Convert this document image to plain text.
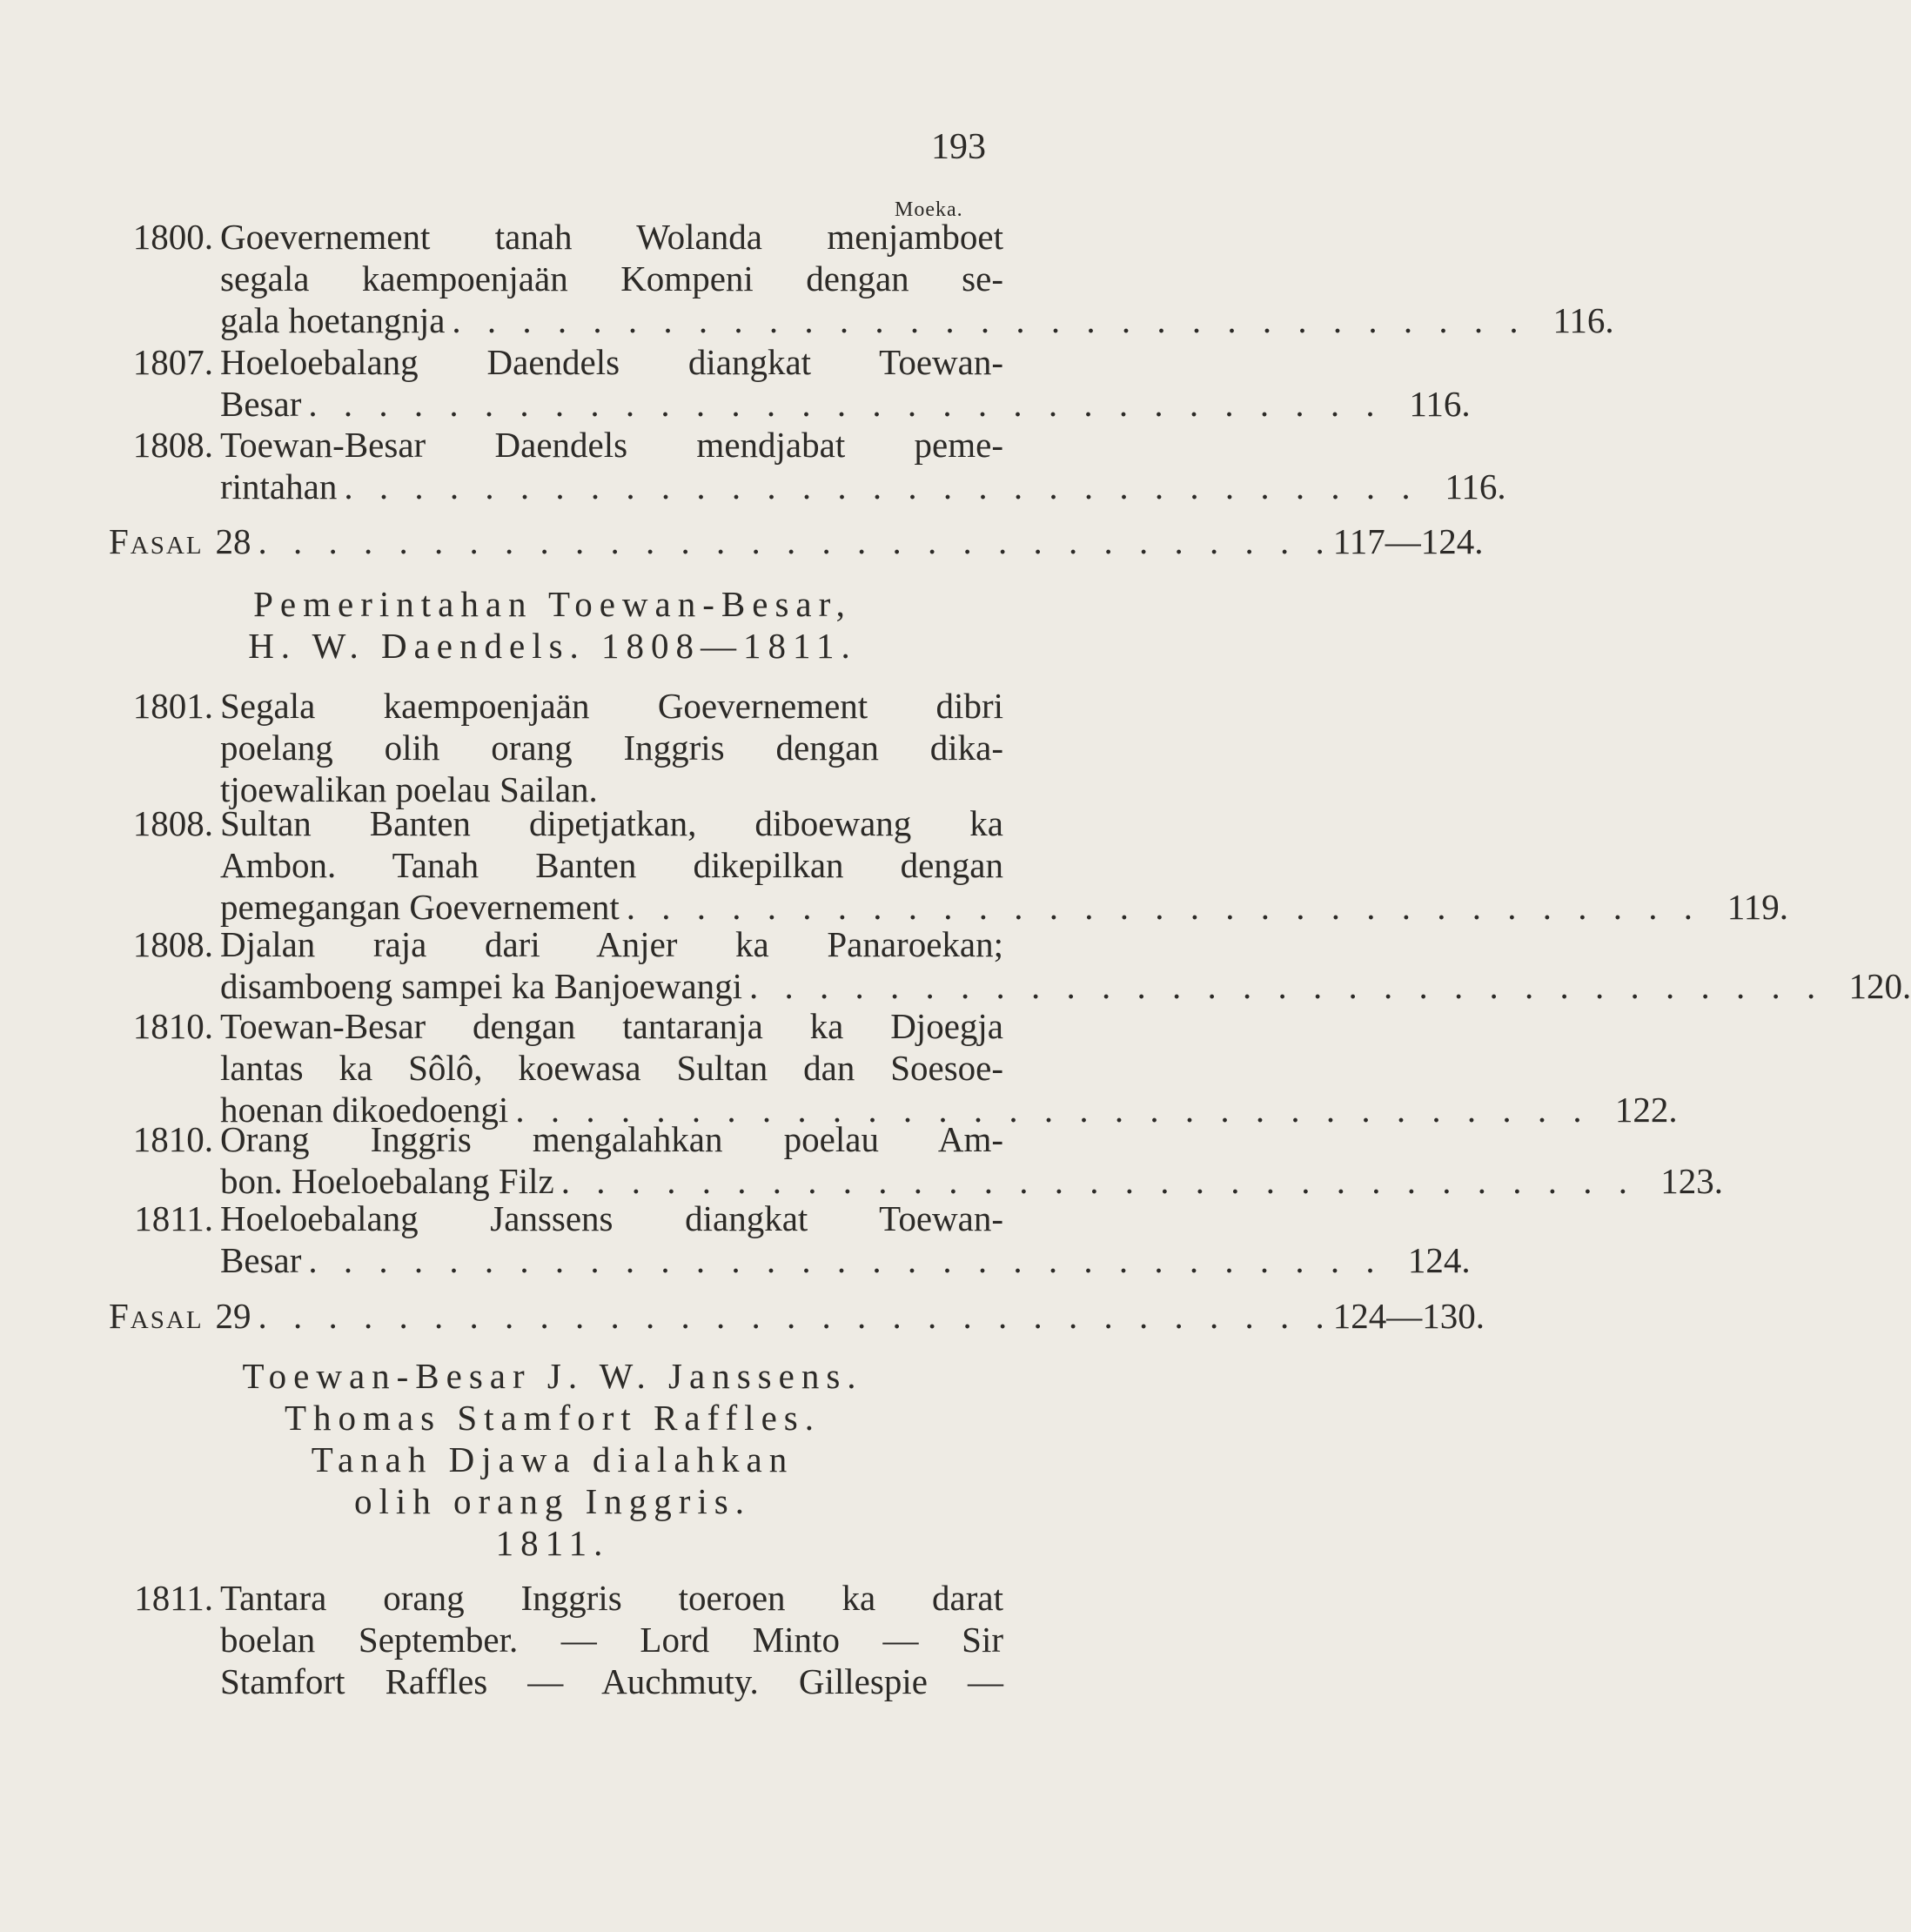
193
Moeka.
1800. Goevernement tanah Wolanda menjamboet
segala kaempoenjaän Kompeni dengan se-
gala hoetangnja . . . . . . . . . . . . . . . . . . . . . . . . . . . . . . . 116.
1807. Hoeloebalang Daendels diangkat Toewan-
Besar . . . . . . . . . . . . . . . . . . . . . . . . . . . . . . . 116.
1808. Toewan-Besar Daendels mendjabat peme-
rintahan . . . . . . . . . . . . . . . . . . . . . . . . . . . . . . . 116.
Fasal 28 . . . . . . . . . . . . . . . . . . . . . . . . . . . . . . . 117—124.
Pemerintahan Toewan-Besar,
H. W. Daendels. 1808—1811.
1801. Segala kaempoenjaän Goevernement dibri
poelang olih orang Inggris dengan dika-
tjoewalikan poelau Sailan.
1808. Sultan Banten dipetjatkan, diboewang ka
Ambon. Tanah Banten dikepilkan dengan
pemegangan Goevernement . . . . . . . . . . . . . . . . . . . . . . . . . . . . . . . 119.
1808. Djalan raja dari Anjer ka Panaroekan;
disamboeng sampei ka Banjoewangi . . . . . . . . . . . . . . . . . . . . . . . . . . . . . . . 120.
1810. Toewan-Besar dengan tantaranja ka Djoegja
lantas ka Sôlô, koewasa Sultan dan Soesoe-
hoenan dikoedoengi . . . . . . . . . . . . . . . . . . . . . . . . . . . . . . . 122.
1810. Orang Inggris mengalahkan poelau Am-
bon. Hoeloebalang Filz . . . . . . . . . . . . . . . . . . . . . . . . . . . . . . . 123.
1811. Hoeloebalang Janssens diangkat Toewan-
Besar . . . . . . . . . . . . . . . . . . . . . . . . . . . . . . . 124.
Fasal 29 . . . . . . . . . . . . . . . . . . . . . . . . . . . . . . . 124—130.
Toewan-Besar J. W. Janssens.
Thomas Stamfort Raffles.
Tanah Djawa dialahkan
olih orang Inggris.
1811.
1811. Tantara orang Inggris toeroen ka darat
boelan September. — Lord Minto — Sir
Stamfort Raffles — Auchmuty. Gillespie —
